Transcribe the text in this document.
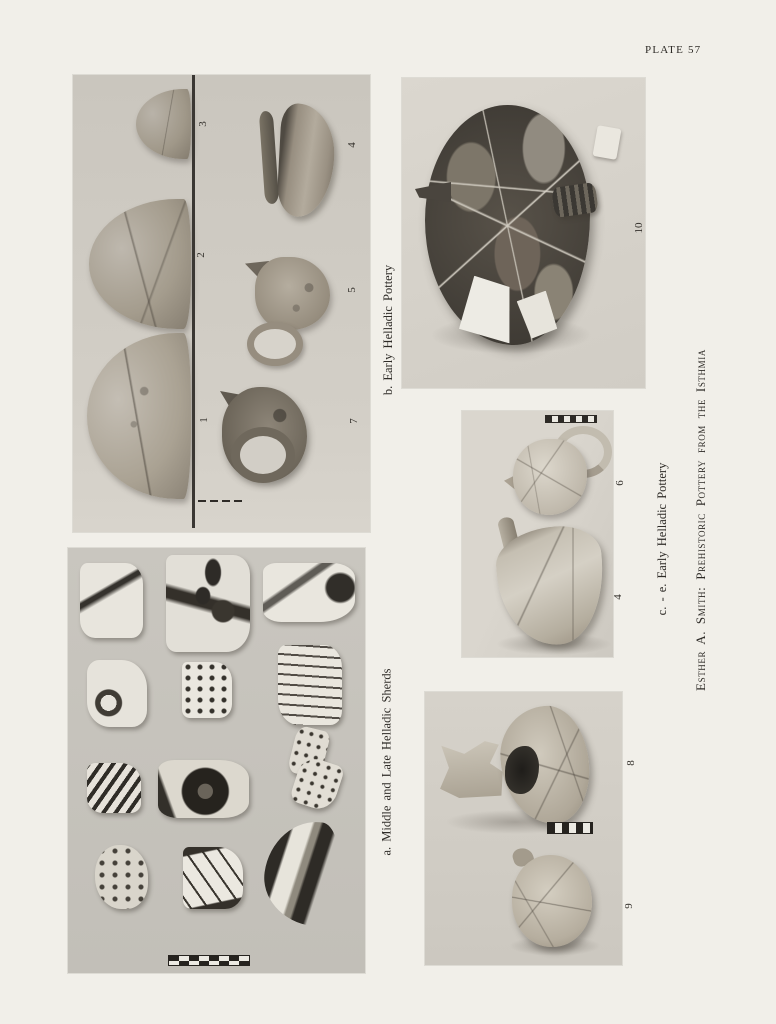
PLATE 57
3
2
1
4
5
7
10
6
4
8
9
b. Early Helladic Pottery
c. - e. Early Helladic Pottery
a. Middle and Late Helladic Sherds
Esther A. Smith: Prehistoric Pottery from the Isthmia
